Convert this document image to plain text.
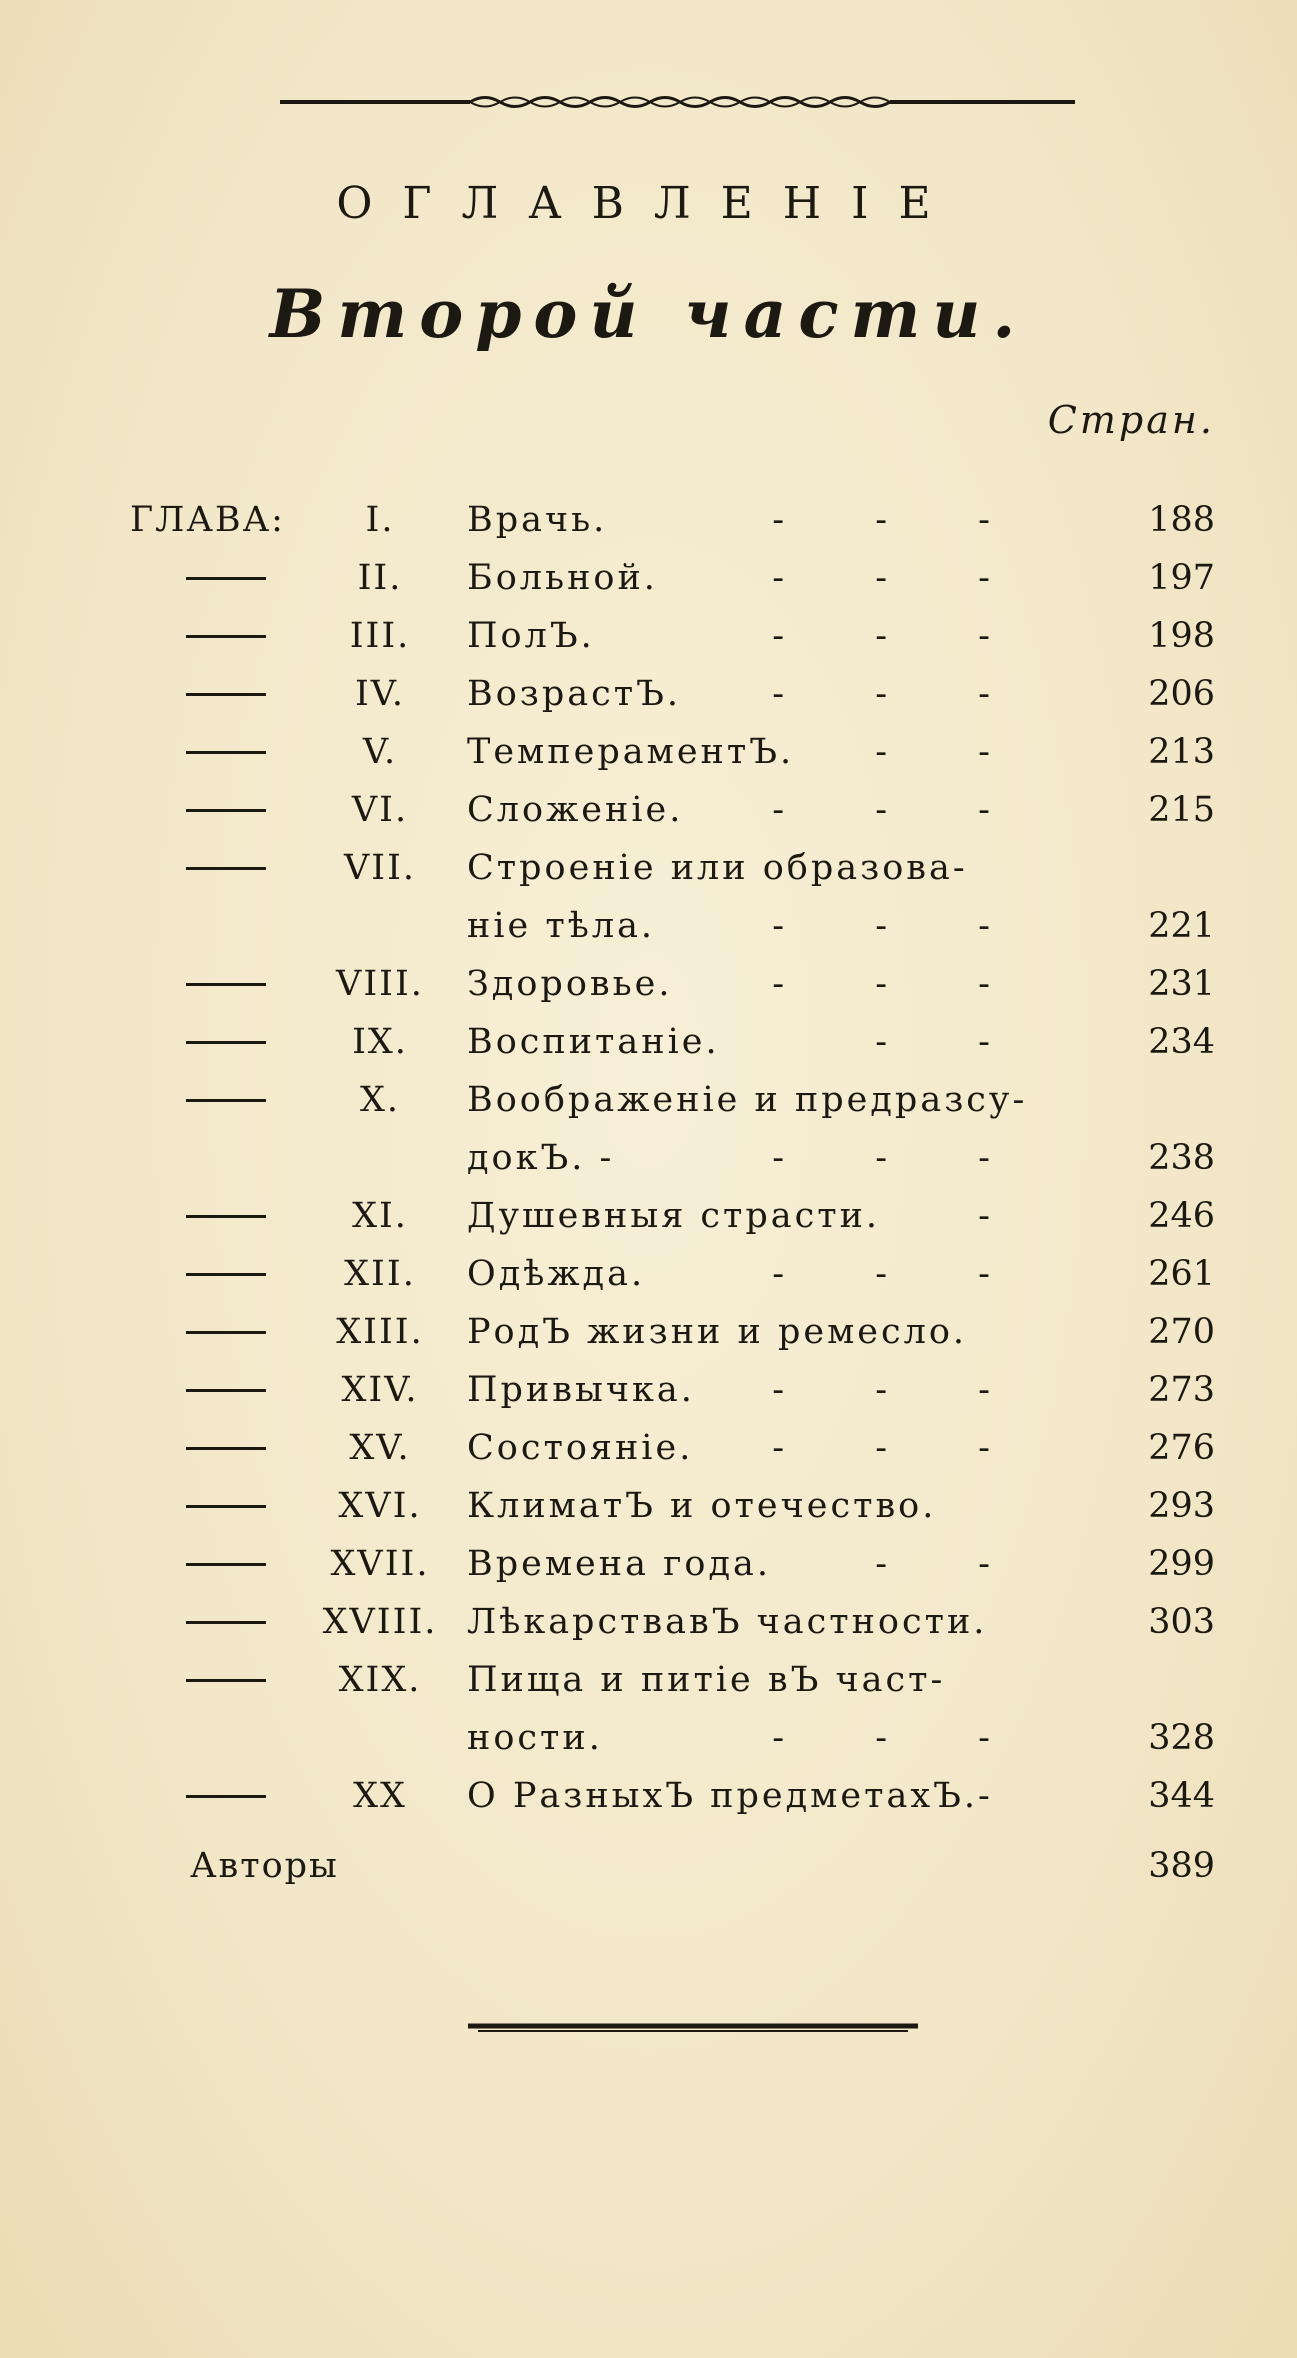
ОГЛАВЛЕНІЕ
Второй части.
Стран.
ГЛАВА:	I.	Врачь.	- - -	188
II.	Больной.	- - -	197
III.	ПолЪ.	- - -	198
IV.	ВозрастЪ.	- - -	206
V.	ТемпераментЪ.	- -	213
VI.	Сложеніе.	- - -	215
VII.	Строеніе или образова-
ніе тѣла.	- - -	221
VIII.	Здоровье.	- - -	231
IX.	Воспитаніе.	- -	234
X.	Воображеніе и предразсу-
докЪ. -	- - -	238
XI.	Душевныя страсти.	-	246
XII.	Одѣжда.	- - -	261
XIII.	РодЪ жизни и ремесло.	270
XIV.	Привычка.	- - -	273
XV.	Состояніе.	- - -	276
XVI.	КлиматЪ и отечество.	293
XVII.	Времена года.	- -	299
XVIII. ЛѣкарствавЪ частности.	303
XIX.	Пища и питіе вЪ част-
ности.	- - -	328
XX	О РазныхЪ предметахЪ.-	344
Авторы	389
